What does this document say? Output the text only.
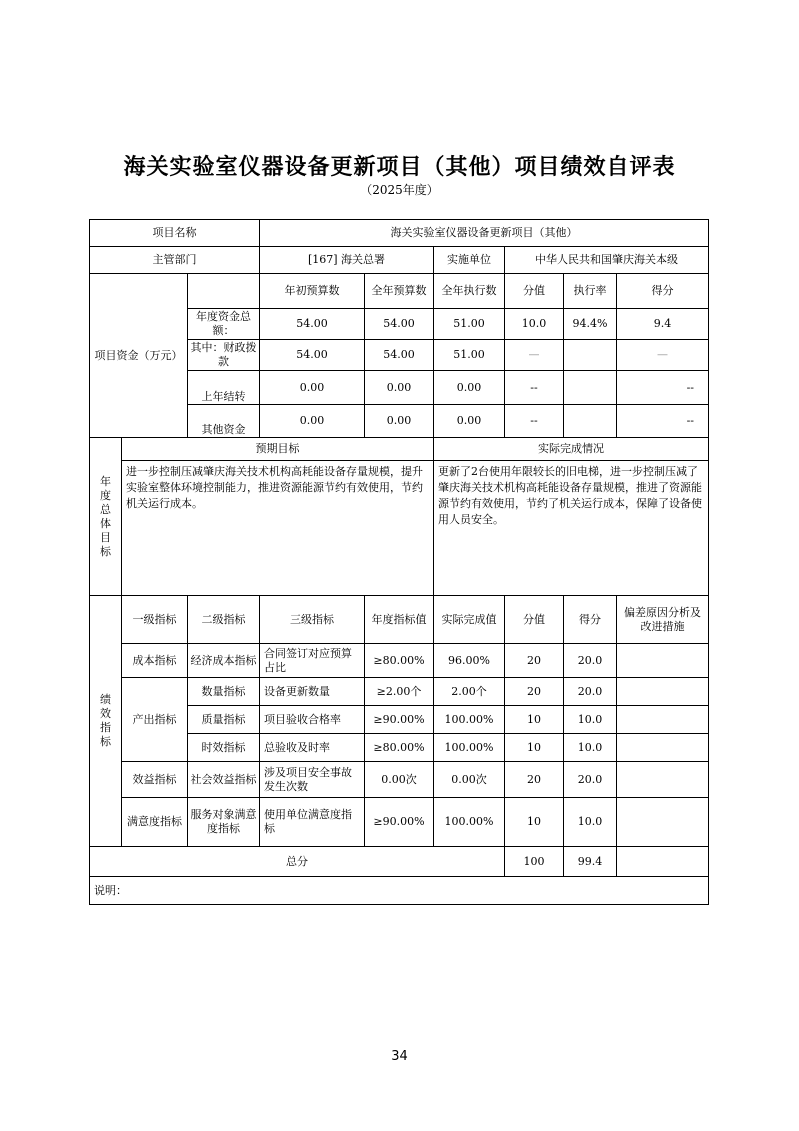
海关实验室仪器设备更新项目（其他）项目绩效自评表
（2025年度）
项目名称			海关实验室仪器设备更新项目（其他）					
主管部门			[167] 海关总署		实施单位	中华人民共和国肇庆海关本级		
项目资金（万元）			年初预算数	全年预算数	全年执行数	分值	执行率	得分
		年度资金总额：	54.00	54.00	51.00	10.0	94.4%	9.4
		其中：财政拨款	54.00	54.00	51.00	—		—
		上年结转	0.00	0.00	0.00	--		--
		其他资金	0.00	0.00	0.00	--		--
年度总体目标	预期目标				实际完成情况			
	进一步控制压减肇庆海关技术机构高耗能设备存量规模，提升实验室整体环境控制能力，推进资源能源节约有效使用，节约机关运行成本。				更新了2台使用年限较长的旧电梯，进一步控制压减了肇庆海关技术机构高耗能设备存量规模，推进了资源能源节约有效使用，节约了机关运行成本，保障了设备使用人员安全。			
绩效指标	一级指标	二级指标	三级指标	年度指标值	实际完成值	分值	得分	偏差原因分析及改进措施
	成本指标	经济成本指标	合同签订对应预算占比	≥80.00%	96.00%	20	20.0	
	产出指标	数量指标	设备更新数量	≥2.00个	2.00个	20	20.0	
		质量指标	项目验收合格率	≥90.00%	100.00%	10	10.0	
		时效指标	总验收及时率	≥80.00%	100.00%	10	10.0	
	效益指标	社会效益指标	涉及项目安全事故发生次数	0.00次	0.00次	20	20.0	
	满意度指标	服务对象满意度指标	使用单位满意度指标	≥90.00%	100.00%	10	10.0	
总分						100	99.4	
说明：								
34
